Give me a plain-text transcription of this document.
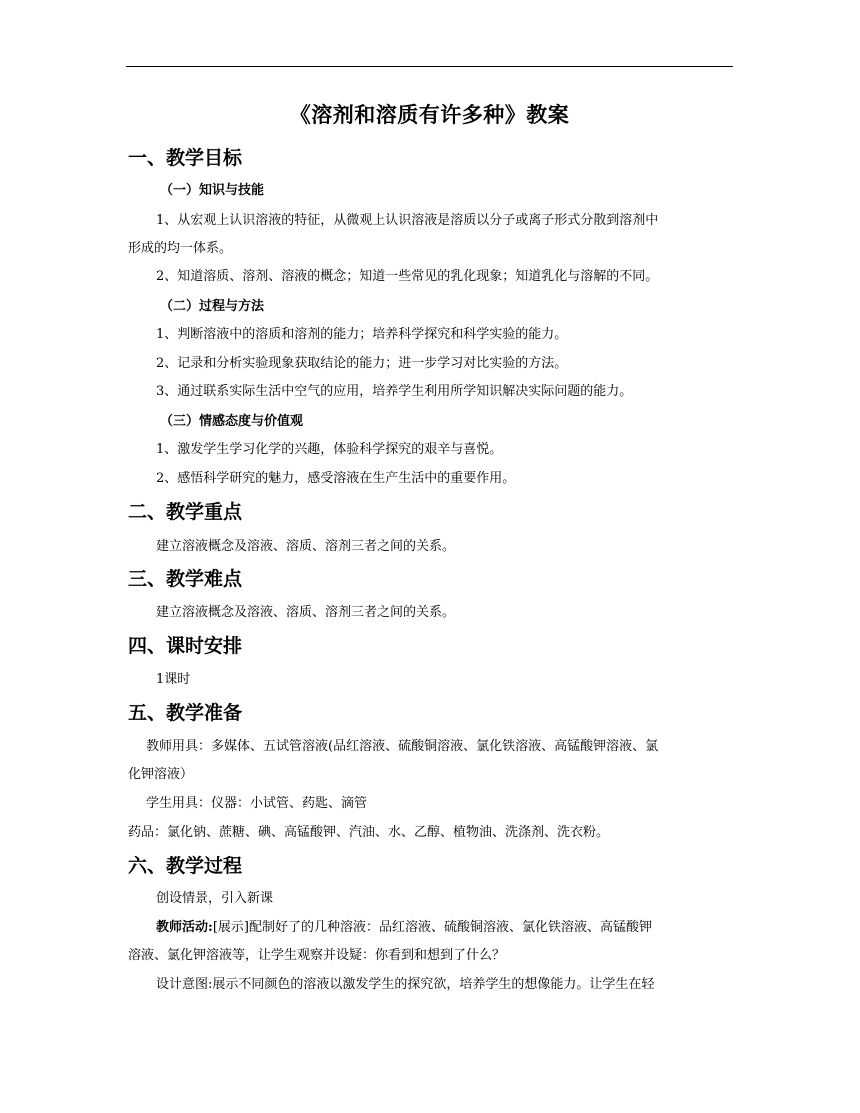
《溶剂和溶质有许多种》教案
一、教学目标
（一）知识与技能
1、从宏观上认识溶液的特征，从微观上认识溶液是溶质以分子或离子形式分散到溶剂中
形成的均一体系。
2、知道溶质、溶剂、溶液的概念；知道一些常见的乳化现象；知道乳化与溶解的不同。
（二）过程与方法
1、判断溶液中的溶质和溶剂的能力；培养科学探究和科学实验的能力。
2、记录和分析实验现象获取结论的能力；进一步学习对比实验的方法。
3、通过联系实际生活中空气的应用，培养学生利用所学知识解决实际问题的能力。
（三）情感态度与价值观
1、激发学生学习化学的兴趣，体验科学探究的艰辛与喜悦。
2、感悟科学研究的魅力，感受溶液在生产生活中的重要作用。
二、教学重点
建立溶液概念及溶液、溶质、溶剂三者之间的关系。
三、教学难点
建立溶液概念及溶液、溶质、溶剂三者之间的关系。
四、课时安排
1课时
五、教学准备
教师用具：多媒体、五试管溶液(品红溶液、硫酸铜溶液、氯化铁溶液、高锰酸钾溶液、氯
化钾溶液）
学生用具：仪器：小试管、药匙、滴管
药品：氯化钠、蔗糖、碘、高锰酸钾、汽油、水、乙醇、植物油、洗涤剂、洗衣粉。
六、教学过程
创设情景，引入新课
教师活动:[展示]配制好了的几种溶液：品红溶液、硫酸铜溶液、氯化铁溶液、高锰酸钾
溶液、氯化钾溶液等，让学生观察并设疑：你看到和想到了什么？
设计意图:展示不同颜色的溶液以激发学生的探究欲，培养学生的想像能力。让学生在轻
